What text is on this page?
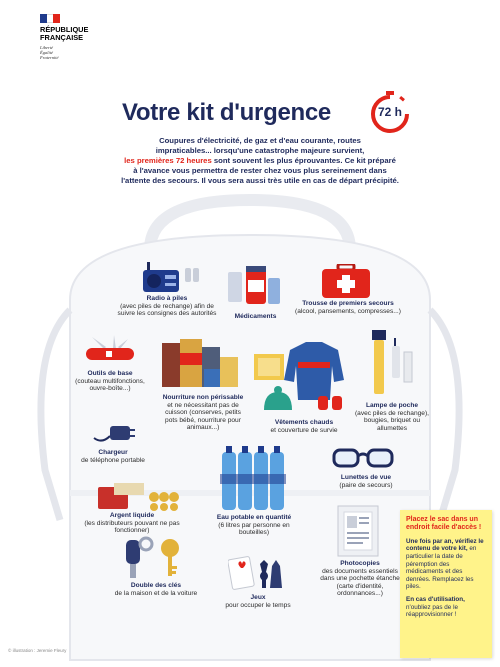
RÉPUBLIQUE
FRANÇAISE
Liberté
Égalité
Fraternité
Votre kit d'urgence	72 h
Coupures d'électricité, de gaz et d'eau courante, routes
impraticables... lorsqu'une catastrophe majeure survient,
les premières 72 heures sont souvent les plus éprouvantes. Ce kit préparé
à l'avance vous permettra de rester chez vous plus sereinement dans
l'attente des secours. Il vous sera aussi très utile en cas de départ précipité.
Radio à piles
(avec piles de rechange) afin de suivre les consignes des autorités	Médicaments
Trousse de premiers secours
(alcool, pansements, compresses...)
Outils de base
(couteau multifonctions, ouvre-boîte...)
Nourriture non périssable
et ne nécessitant pas de cuisson (conserves, petits pots bébé, nourriture pour animaux...)
Vêtements chauds
et couverture de survie
Lampe de poche
(avec piles de rechange), bougies, briquet ou allumettes
Chargeur
de téléphone portable
Eau potable en quantité
(6 litres par personne en bouteilles)
Lunettes de vue
(paire de secours)
Argent liquide
(les distributeurs pouvant ne pas fonctionner)
Photocopies
des documents essentiels dans une pochette étanche (carte d'identité, ordonnances...)
Double des clés
de la maison et de la voiture
Jeux
pour occuper le temps
Placez le sac dans un endroit facile d'accès !
Une fois par an, vérifiez le contenu de votre kit, en particulier la date de péremption des médicaments et des denrées. Remplacez les piles.
En cas d'utilisation, n'oubliez pas de le réapprovisionner !
© illustration : Jeremie Fleury
